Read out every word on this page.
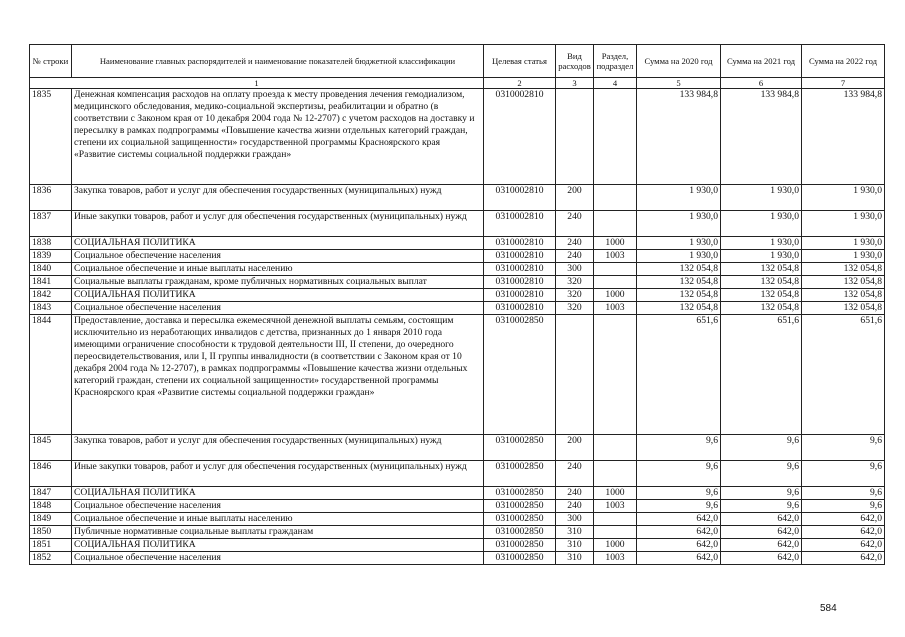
№ строки	Наименование главных распорядителей и наименование показателей бюджетной классификации	Целевая статья	Вид расходов	Раздел, подраздел	Сумма на 2020 год	Сумма на 2021 год	Сумма на 2022 год
1		2	3	4	5	6	7
1835	Денежная компенсация расходов на оплату проезда к месту проведения лечения гемодиализом, медицинского обследования, медико-социальной экспертизы, реабилитации и обратно (в соответствии с Законом края от 10 декабря 2004 года № 12-2707) с учетом расходов на доставку и пересылку в рамках подпрограммы «Повышение качества жизни отдельных категорий граждан, степени их социальной защищенности» государственной программы Красноярского края «Развитие системы социальной поддержки граждан»	0310002810			133 984,8	133 984,8	133 984,8
1836	Закупка товаров, работ и услуг для обеспечения государственных (муниципальных) нужд	0310002810	200		1 930,0	1 930,0	1 930,0
1837	Иные закупки товаров, работ и услуг для обеспечения государственных (муниципальных) нужд	0310002810	240		1 930,0	1 930,0	1 930,0
1838	СОЦИАЛЬНАЯ ПОЛИТИКА	0310002810	240	1000	1 930,0	1 930,0	1 930,0
1839	Социальное обеспечение населения	0310002810	240	1003	1 930,0	1 930,0	1 930,0
1840	Социальное обеспечение и иные выплаты населению	0310002810	300		132 054,8	132 054,8	132 054,8
1841	Социальные выплаты гражданам, кроме публичных нормативных социальных выплат	0310002810	320		132 054,8	132 054,8	132 054,8
1842	СОЦИАЛЬНАЯ ПОЛИТИКА	0310002810	320	1000	132 054,8	132 054,8	132 054,8
1843	Социальное обеспечение населения	0310002810	320	1003	132 054,8	132 054,8	132 054,8
1844	Предоставление, доставка и пересылка ежемесячной денежной выплаты семьям, состоящим исключительно из неработающих инвалидов с детства, признанных до 1 января 2010 года имеющими ограничение способности к трудовой деятельности III, II степени, до очередного переосвидетельствования, или I, II группы инвалидности (в соответствии с Законом края от 10 декабря 2004 года № 12-2707), в рамках подпрограммы «Повышение качества жизни отдельных категорий граждан, степени их социальной защищенности» государственной программы Красноярского края «Развитие системы социальной поддержки граждан»	0310002850			651,6	651,6	651,6
1845	Закупка товаров, работ и услуг для обеспечения государственных (муниципальных) нужд	0310002850	200		9,6	9,6	9,6
1846	Иные закупки товаров, работ и услуг для обеспечения государственных (муниципальных) нужд	0310002850	240		9,6	9,6	9,6
1847	СОЦИАЛЬНАЯ ПОЛИТИКА	0310002850	240	1000	9,6	9,6	9,6
1848	Социальное обеспечение населения	0310002850	240	1003	9,6	9,6	9,6
1849	Социальное обеспечение и иные выплаты населению	0310002850	300		642,0	642,0	642,0
1850	Публичные нормативные социальные выплаты гражданам	0310002850	310		642,0	642,0	642,0
1851	СОЦИАЛЬНАЯ ПОЛИТИКА	0310002850	310	1000	642,0	642,0	642,0
1852	Социальное обеспечение населения	0310002850	310	1003	642,0	642,0	642,0
584
